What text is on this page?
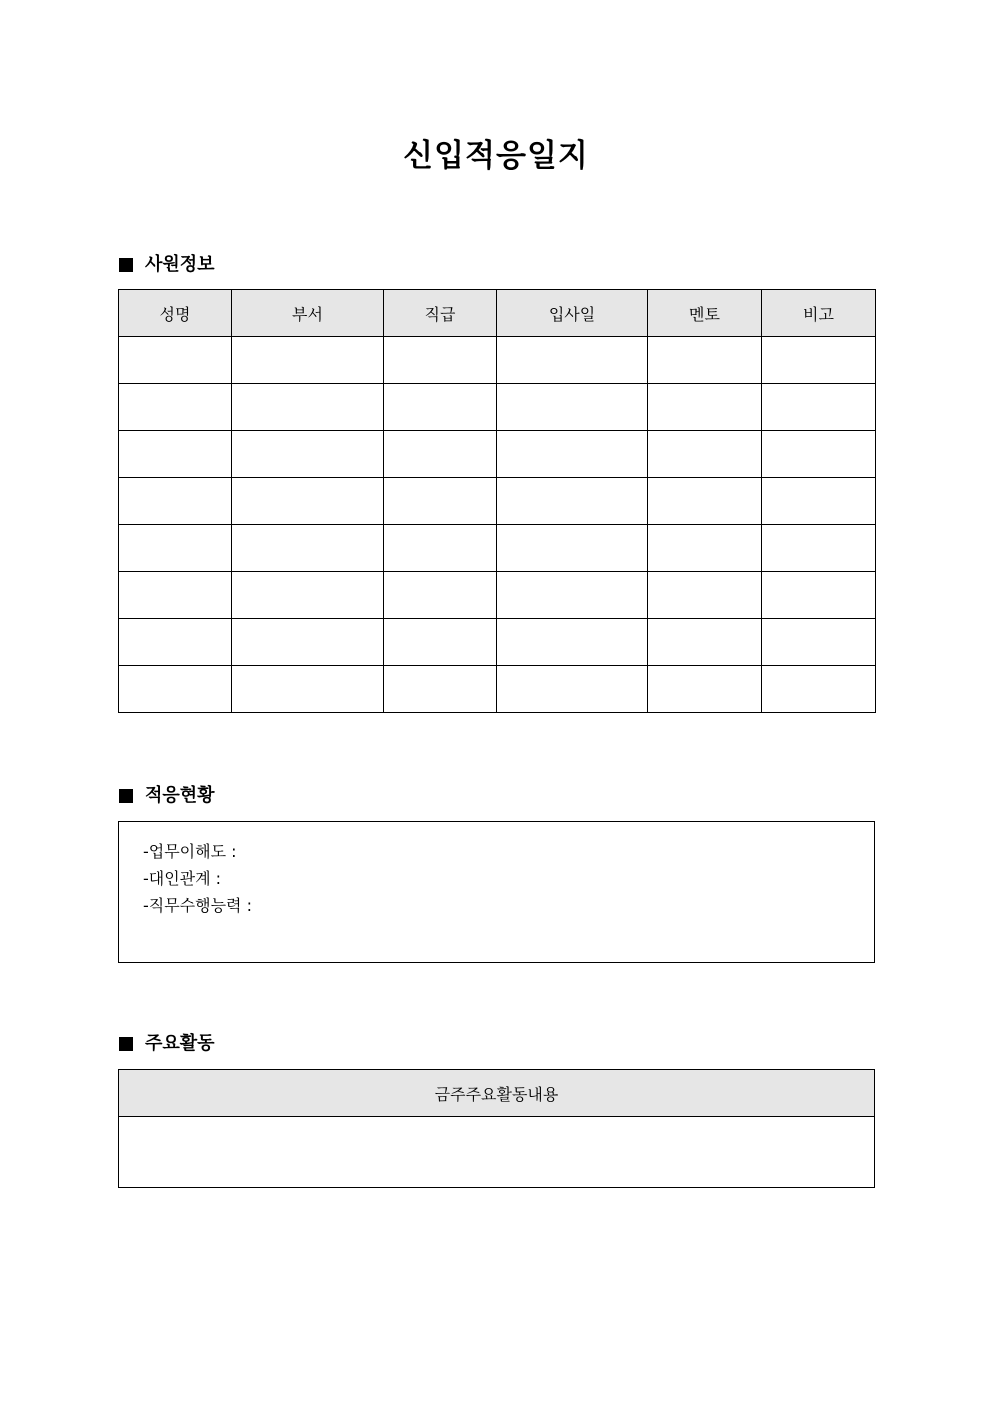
신입적응일지
사원정보
성명	부서	직급	입사일	멘토	비고

적응현황
-업무이해도 :
-대인관계 :
-직무수행능력 :
주요활동
금주주요활동내용
